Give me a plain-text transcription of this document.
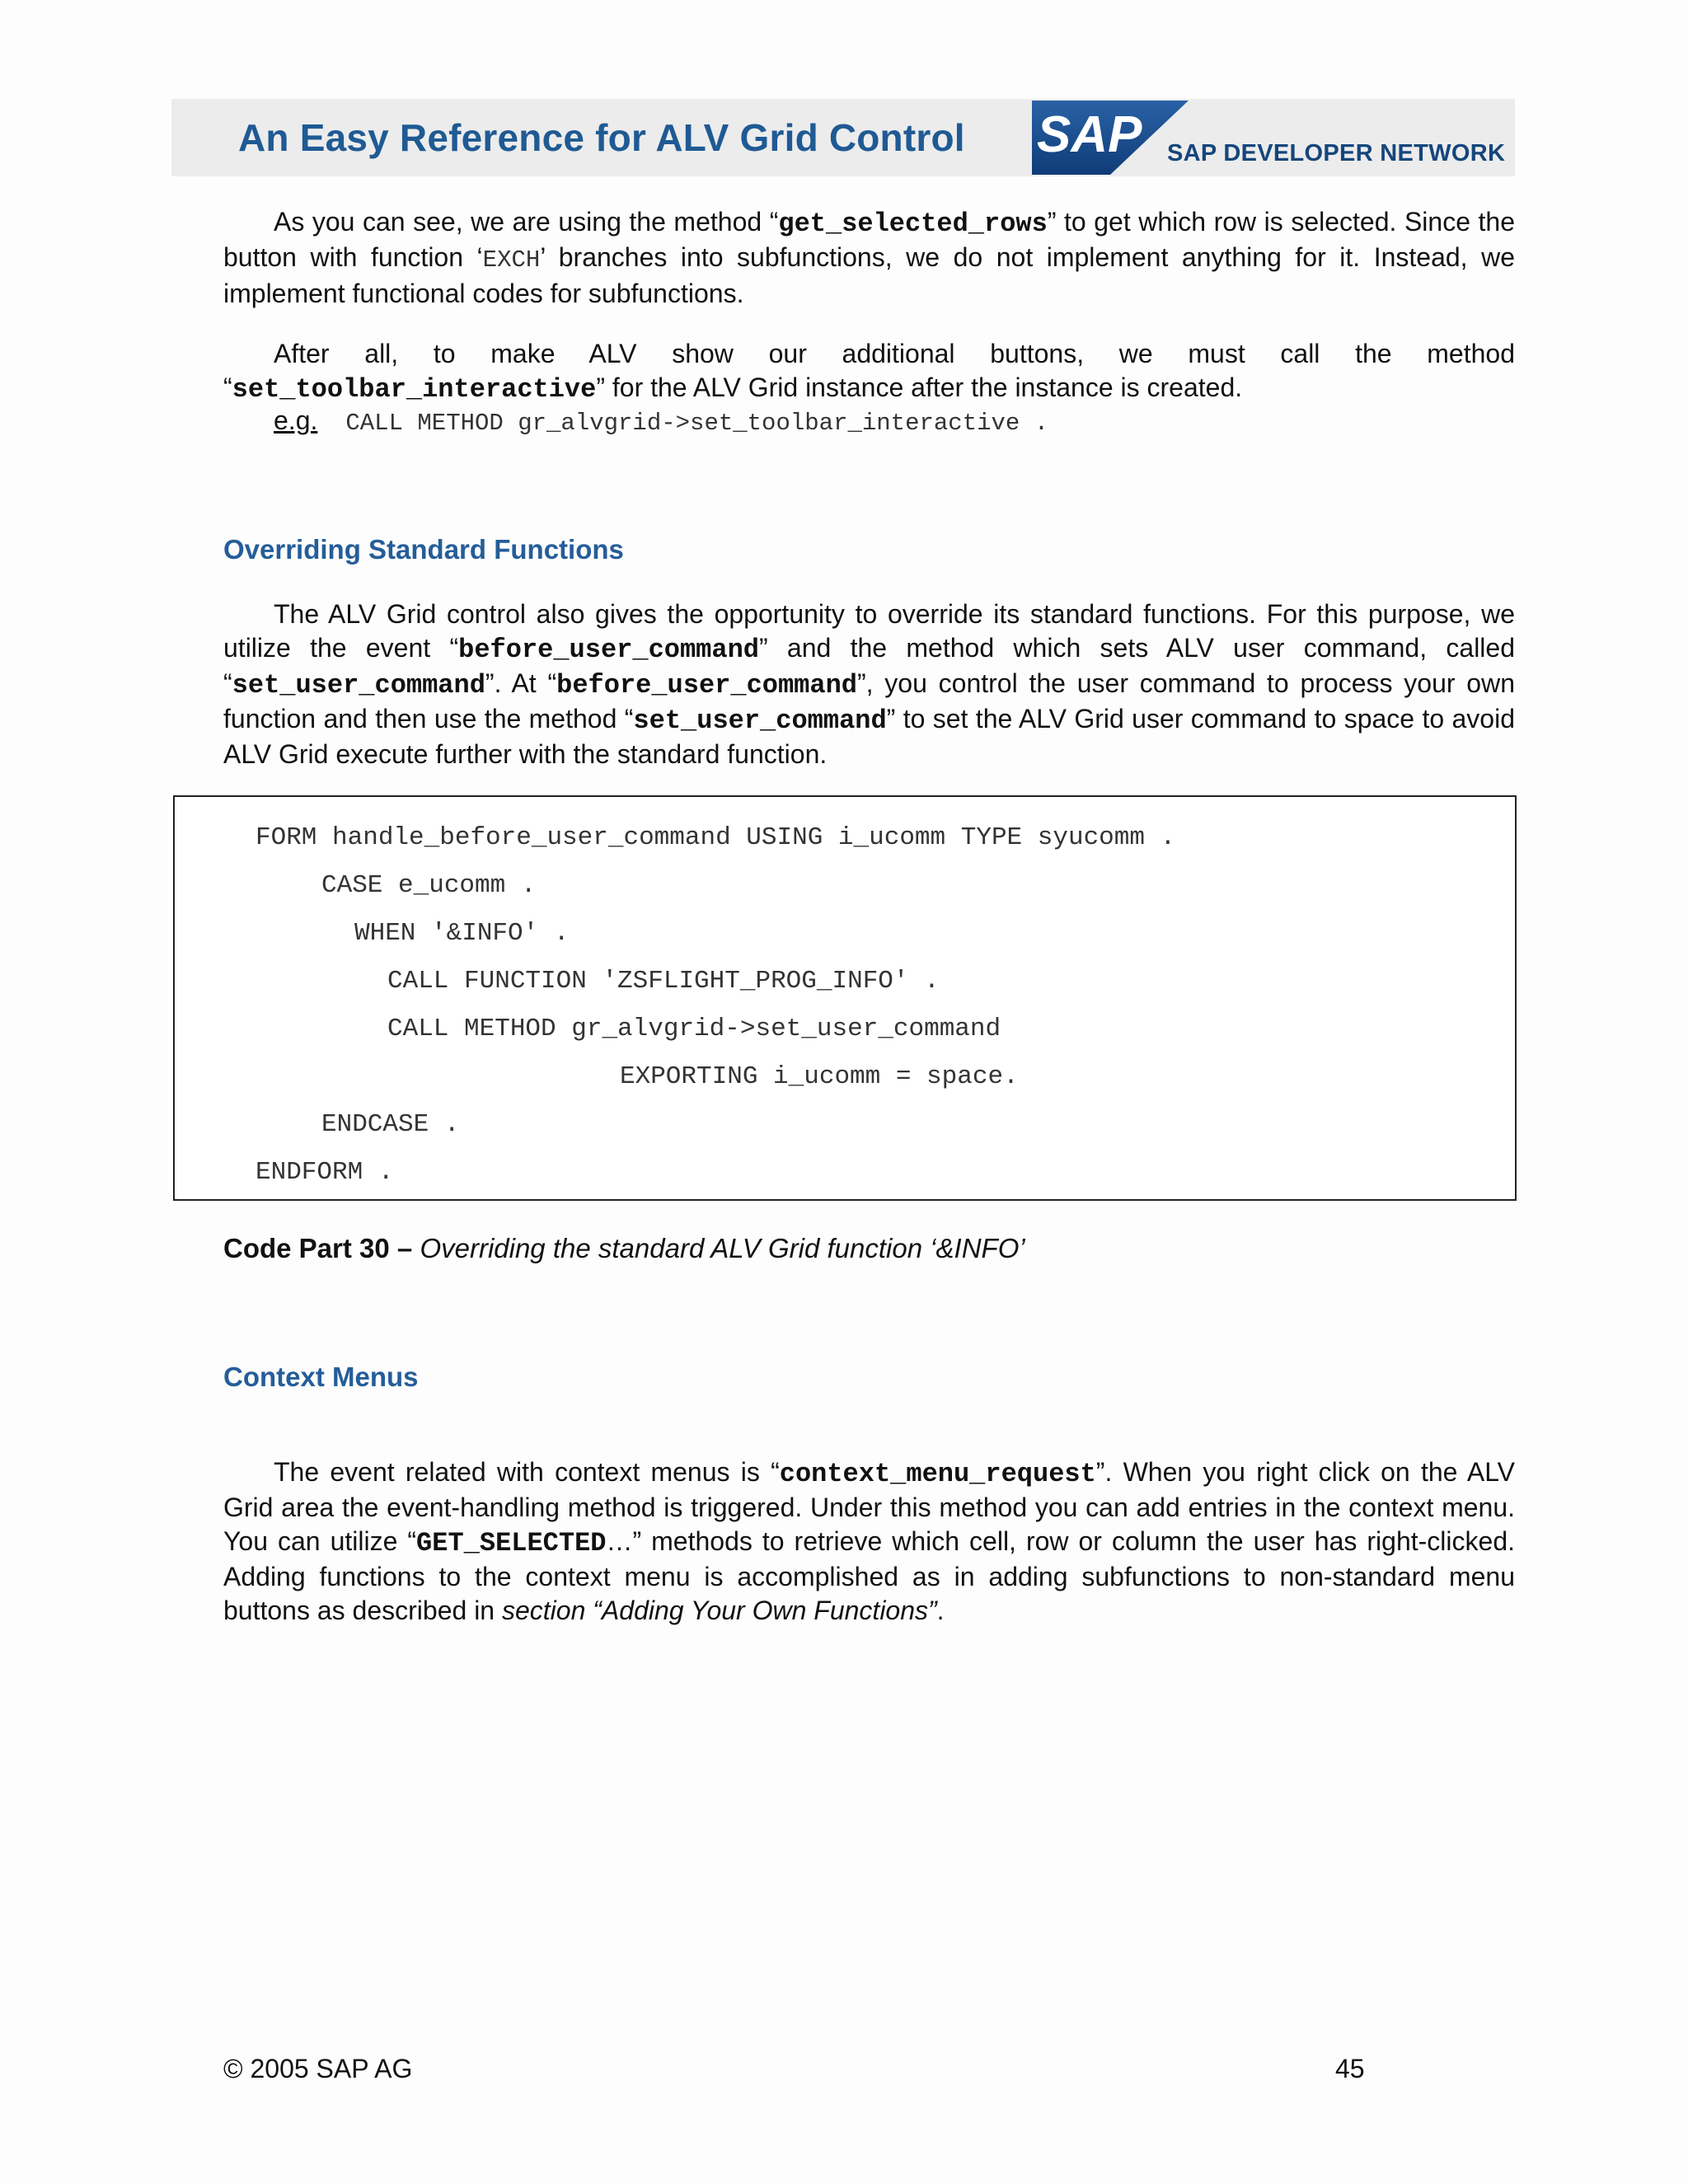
An Easy Reference for ALV Grid Control SAP SAP DEVELOPER NETWORK

As you can see, we are using the method “get_selected_rows” to get which row is selected. Since the button with function ‘EXCH’ branches into subfunctions, we do not implement anything for it. Instead, we implement functional codes for subfunctions.

After all, to make ALV show our additional buttons, we must call the method “set_toolbar_interactive” for the ALV Grid instance after the instance is created.

e.g. CALL METHOD gr_alvgrid->set_toolbar_interactive .
Overriding Standard Functions

The ALV Grid control also gives the opportunity to override its standard functions. For this purpose, we utilize the event “before_user_command” and the method which sets ALV user command, called “set_user_command”. At “before_user_command”, you control the user command to process your own function and then use the method “set_user_command” to set the ALV Grid user command to space to avoid ALV Grid execute further with the standard function.

FORM handle_before_user_command USING i_ucomm TYPE syucomm .
CASE e_ucomm .
WHEN '&INFO' .
CALL FUNCTION 'ZSFLIGHT_PROG_INFO' .
CALL METHOD gr_alvgrid->set_user_command
EXPORTING i_ucomm = space.
ENDCASE .
ENDFORM .
Code Part 30 – Overriding the standard ALV Grid function ‘&INFO’
Context Menus

The event related with context menus is “context_menu_request”. When you right click on the ALV Grid area the event-handling method is triggered. Under this method you can add entries in the context menu. You can utilize “GET_SELECTED…” methods to retrieve which cell, row or column the user has right-clicked. Adding functions to the context menu is accomplished as in adding subfunctions to non-standard menu buttons as described in section “Adding Your Own Functions”.

© 2005 SAP AG	45
